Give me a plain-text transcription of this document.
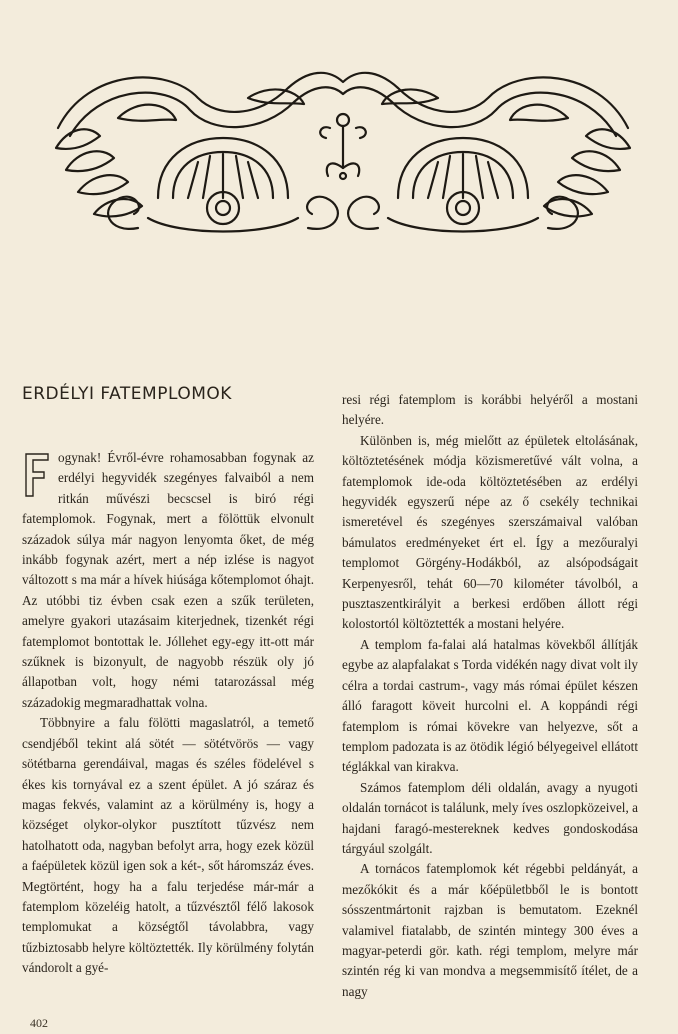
ERDÉLYI FATEMPLOMOK

ogynak! Évről-évre rohamosabban fogynak az erdélyi hegyvidék szegényes falvaiból a nem ritkán művészi becscsel is biró régi fatemplomok. Fogynak, mert a fölöttük elvonult századok súlya már nagyon lenyomta őket, de még inkább fogynak azért, mert a nép izlése is nagyot változott s ma már a hívek hiúsága kőtemplomot óhajt. Az utóbbi tiz évben csak ezen a szűk területen, amelyre gyakori utazásaim kiterjednek, tizenkét régi fatemplomot bontottak le. Jóllehet egy-egy itt-ott már szűknek is bizonyult, de nagyobb részük oly jó állapotban volt, hogy némi tatarozással még századokig megmaradhattak volna.

Többnyire a falu fölötti magaslatról, a temető csendjéből tekint alá sötét — sötétvörös — vagy sötétbarna gerendáival, magas és széles födelével s ékes kis tornyával ez a szent épület. A jó száraz és magas fekvés, valamint az a körülmény is, hogy a községet olykor-olykor pusztított tűzvész nem hatolhatott oda, nagyban befolyt arra, hogy ezek közül a faépületek közül igen sok a két-, sőt háromszáz éves. Megtörtént, hogy ha a falu terjedése már-már a fatemplom közeléig hatolt, a tűzvésztől félő lakosok templomukat a községtől távolabbra, vagy tűzbiztosabb helyre költöztették. Ily körülmény folytán vándorolt a gyé-

resi régi fatemplom is korábbi helyéről a mostani helyére.

Különben is, még mielőtt az épületek eltolásának, költöztetésének módja közismeretűvé vált volna, a fatemplomok ide-oda költöztetésében az erdélyi hegyvidék egyszerű népe az ő csekély technikai ismeretével és szegényes szerszámaival valóban bámulatos eredményeket ért el. Így a mezőuralyi templomot Görgény-Hodákból, az alsópodságait Kerpenyesről, tehát 60—70 kilométer távolból, a pusztaszentkirályit a berkesi erdőben állott régi kolostortól költöztették a mostani helyére.

A templom fa-falai alá hatalmas kövekből állítják egybe az alapfalakat s Torda vidékén nagy divat volt ily célra a tordai castrum-, vagy más római épület készen álló faragott köveit hurcolni el. A koppándi régi fatemplom is római kövekre van helyezve, sőt a templom padozata is az ötödik légió bélyegeivel ellátott téglákkal van kirakva.

Számos fatemplom déli oldalán, avagy a nyugoti oldalán tornácot is találunk, mely íves oszlopközeivel, a hajdani faragó-mestereknek kedves gondoskodása tárgyául szolgált.

A tornácos fatemplomok két régebbi peldányát, a mezőkókit és a már kőépületbből le is bontott sósszentmártonit rajzban is bemutatom. Ezeknél valamivel fiatalabb, de szintén mintegy 300 éves a magyar-peterdi gör. kath. régi templom, melyre már szintén rég ki van mondva a megsemmisítő ítélet, de a nagy

402
